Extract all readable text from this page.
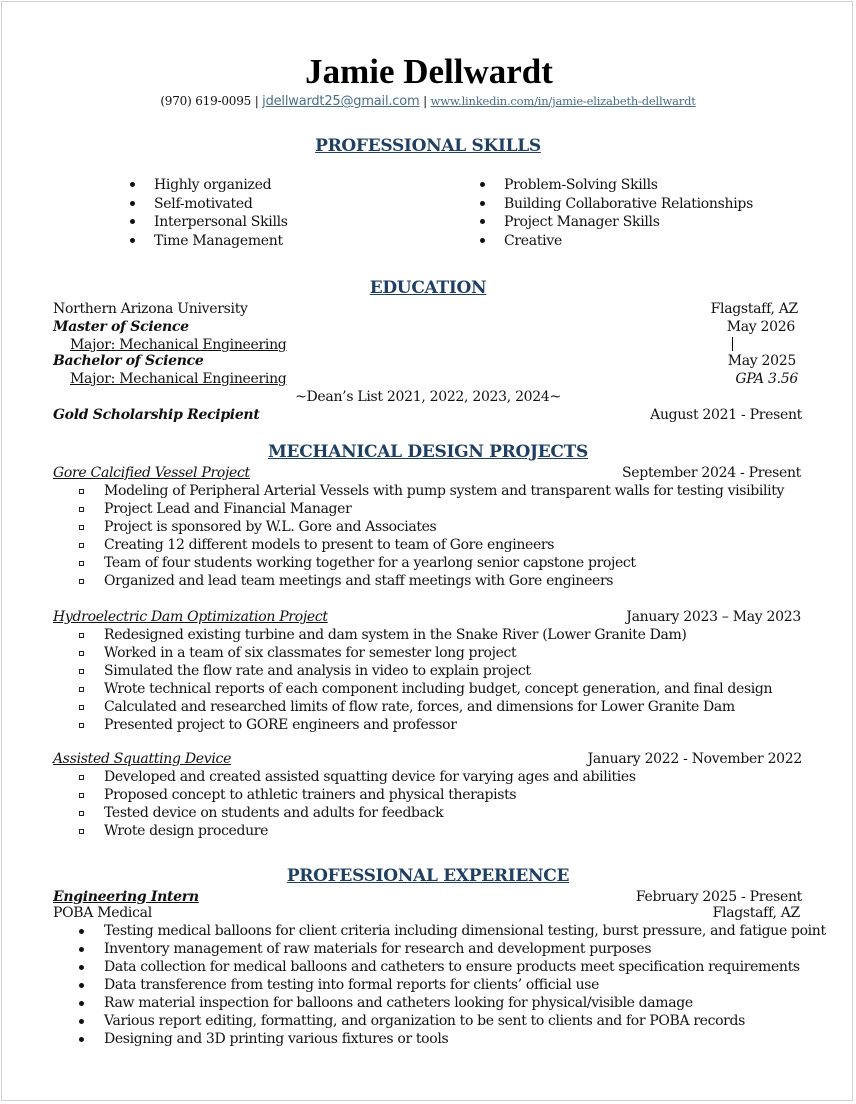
Jamie Dellwardt
(970) 619-0095 | jdellwardt25@gmail.com | www.linkedin.com/in/jamie-elizabeth-dellwardt
PROFESSIONAL SKILLS
Highly organized
Self-motivated
Interpersonal Skills
Time Management
Problem-Solving Skills
Building Collaborative Relationships
Project Manager Skills
Creative
EDUCATION
Northern Arizona University	Flagstaff, AZ
Master of Science	May 2026
Major: Mechanical Engineering
Bachelor of Science	May 2025
Major: Mechanical Engineering	GPA 3.56
~Dean’s List 2021, 2022, 2023, 2024~
Gold Scholarship Recipient	August 2021 - Present
MECHANICAL DESIGN PROJECTS
Gore Calcified Vessel Project	September 2024 - Present
Modeling of Peripheral Arterial Vessels with pump system and transparent walls for testing visibility
Project Lead and Financial Manager
Project is sponsored by W.L. Gore and Associates
Creating 12 different models to present to team of Gore engineers
Team of four students working together for a yearlong senior capstone project
Organized and lead team meetings and staff meetings with Gore engineers
Hydroelectric Dam Optimization Project	January 2023 – May 2023
Redesigned existing turbine and dam system in the Snake River (Lower Granite Dam)
Worked in a team of six classmates for semester long project
Simulated the flow rate and analysis in video to explain project
Wrote technical reports of each component including budget, concept generation, and final design
Calculated and researched limits of flow rate, forces, and dimensions for Lower Granite Dam
Presented project to GORE engineers and professor
Assisted Squatting Device	January 2022 - November 2022
Developed and created assisted squatting device for varying ages and abilities
Proposed concept to athletic trainers and physical therapists
Tested device on students and adults for feedback
Wrote design procedure
PROFESSIONAL EXPERIENCE
Engineering Intern	February 2025 - Present
POBA Medical	Flagstaff, AZ
Testing medical balloons for client criteria including dimensional testing, burst pressure, and fatigue point
Inventory management of raw materials for research and development purposes
Data collection for medical balloons and catheters to ensure products meet specification requirements
Data transference from testing into formal reports for clients’ official use
Raw material inspection for balloons and catheters looking for physical/visible damage
Various report editing, formatting, and organization to be sent to clients and for POBA records
Designing and 3D printing various fixtures or tools
